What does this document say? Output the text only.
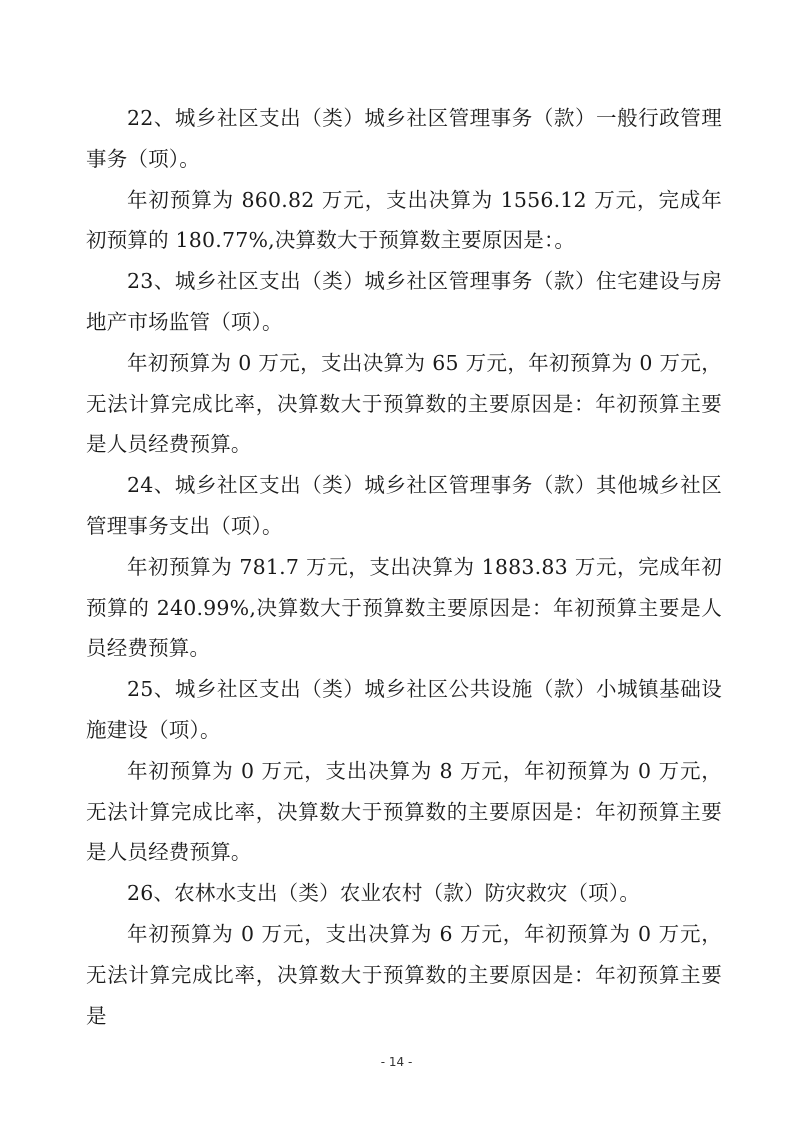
22、城乡社区支出（类）城乡社区管理事务（款）一般行政管理事务（项）。

年初预算为 860.82 万元，支出决算为 1556.12 万元，完成年初预算的 180.77%,决算数大于预算数主要原因是：。

23、城乡社区支出（类）城乡社区管理事务（款）住宅建设与房地产市场监管（项）。

年初预算为 0 万元，支出决算为 65 万元，年初预算为 0 万元，无法计算完成比率，决算数大于预算数的主要原因是：年初预算主要是人员经费预算。

24、城乡社区支出（类）城乡社区管理事务（款）其他城乡社区管理事务支出（项）。

年初预算为 781.7 万元，支出决算为 1883.83 万元，完成年初预算的 240.99%,决算数大于预算数主要原因是：年初预算主要是人员经费预算。

25、城乡社区支出（类）城乡社区公共设施（款）小城镇基础设施建设（项）。

年初预算为 0 万元，支出决算为 8 万元，年初预算为 0 万元，无法计算完成比率，决算数大于预算数的主要原因是：年初预算主要是人员经费预算。

26、农林水支出（类）农业农村（款）防灾救灾（项）。

年初预算为 0 万元，支出决算为 6 万元，年初预算为 0 万元，无法计算完成比率，决算数大于预算数的主要原因是：年初预算主要是

- 14 -
